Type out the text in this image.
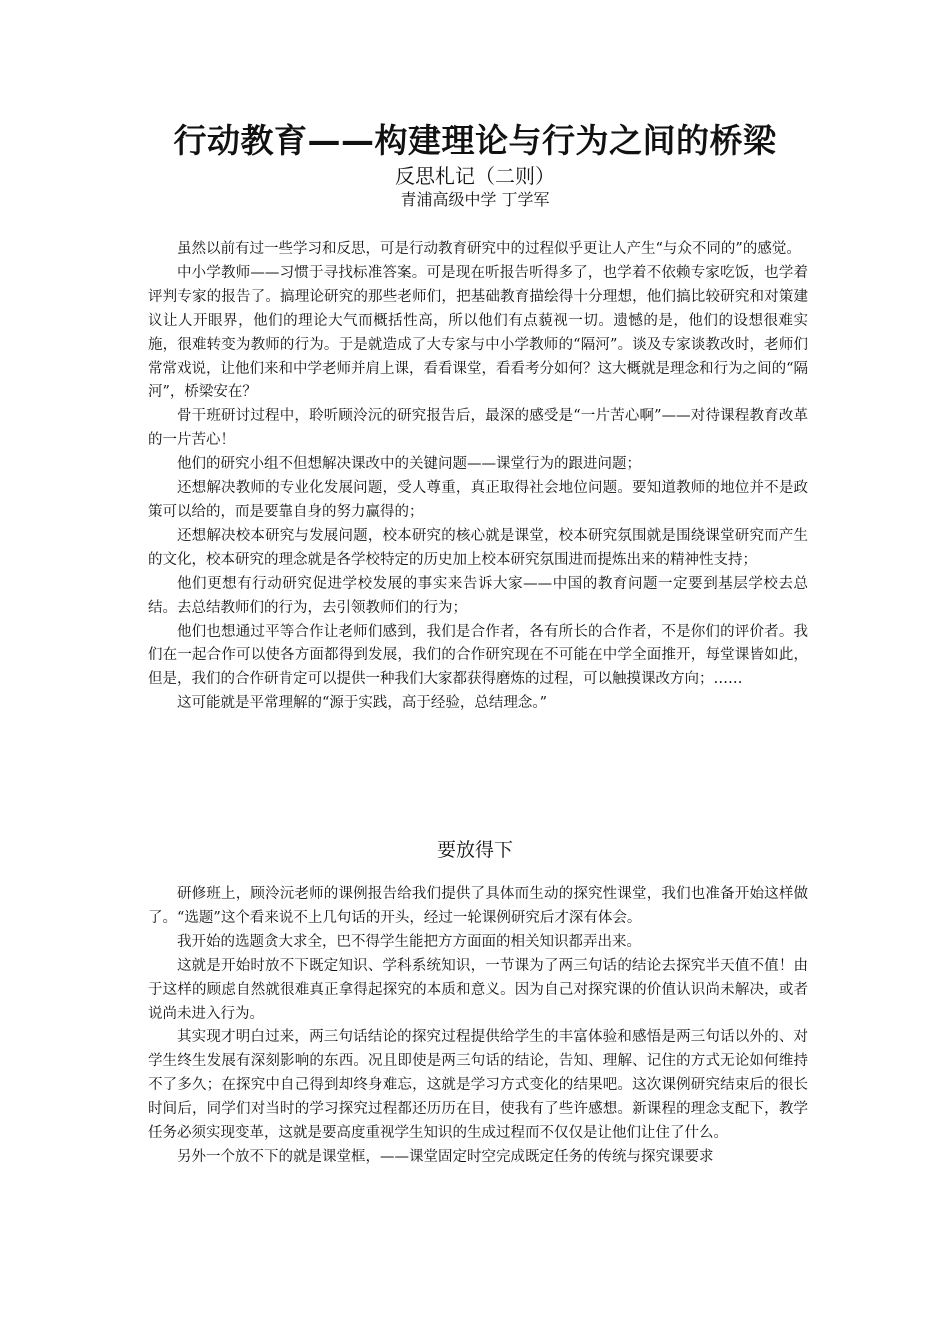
行动教育——构建理论与行为之间的桥梁
反思札记（二则）
青浦高级中学 丁学军

虽然以前有过一些学习和反思，可是行动教育研究中的过程似乎更让人产生“与众不同的”的感觉。

中小学教师——习惯于寻找标准答案。可是现在听报告听得多了，也学着不依赖专家吃饭，也学着评判专家的报告了。搞理论研究的那些老师们，把基础教育描绘得十分理想，他们搞比较研究和对策建议让人开眼界，他们的理论大气而概括性高，所以他们有点藐视一切。遗憾的是，他们的设想很难实施，很难转变为教师的行为。于是就造成了大专家与中小学教师的“隔河”。谈及专家谈教改时，老师们常常戏说，让他们来和中学老师并肩上课，看看课堂，看看考分如何？这大概就是理念和行为之间的“隔河”，桥梁安在？

骨干班研讨过程中，聆听顾泠沅的研究报告后，最深的感受是“一片苦心啊”——对待课程教育改革的一片苦心！

他们的研究小组不但想解决课改中的关键问题——课堂行为的跟进问题；

还想解决教师的专业化发展问题，受人尊重，真正取得社会地位问题。要知道教师的地位并不是政策可以给的，而是要靠自身的努力赢得的；

还想解决校本研究与发展问题，校本研究的核心就是课堂，校本研究氛围就是围绕课堂研究而产生的文化，校本研究的理念就是各学校特定的历史加上校本研究氛围进而提炼出来的精神性支持；

他们更想有行动研究促进学校发展的事实来告诉大家——中国的教育问题一定要到基层学校去总结。去总结教师们的行为，去引领教师们的行为；

他们也想通过平等合作让老师们感到，我们是合作者，各有所长的合作者，不是你们的评价者。我们在一起合作可以使各方面都得到发展，我们的合作研究现在不可能在中学全面推开，每堂课皆如此，但是，我们的合作研肯定可以提供一种我们大家都获得磨炼的过程，可以触摸课改方向；……

这可能就是平常理解的“源于实践，高于经验，总结理念。”

要放得下

研修班上，顾泠沅老师的课例报告给我们提供了具体而生动的探究性课堂，我们也准备开始这样做了。“选题”这个看来说不上几句话的开头，经过一轮课例研究后才深有体会。

我开始的选题贪大求全，巴不得学生能把方方面面的相关知识都弄出来。

这就是开始时放不下既定知识、学科系统知识，一节课为了两三句话的结论去探究半天值不值！由于这样的顾虑自然就很难真正拿得起探究的本质和意义。因为自己对探究课的价值认识尚未解决，或者说尚未进入行为。

其实现才明白过来，两三句话结论的探究过程提供给学生的丰富体验和感悟是两三句话以外的、对学生终生发展有深刻影响的东西。况且即使是两三句话的结论，告知、理解、记住的方式无论如何维持不了多久；在探究中自己得到却终身难忘，这就是学习方式变化的结果吧。这次课例研究结束后的很长时间后，同学们对当时的学习探究过程都还历历在目，使我有了些许感想。新课程的理念支配下，教学任务必须实现变革，这就是要高度重视学生知识的生成过程而不仅仅是让他们让住了什么。

另外一个放不下的就是课堂框，——课堂固定时空完成既定任务的传统与探究课要求
